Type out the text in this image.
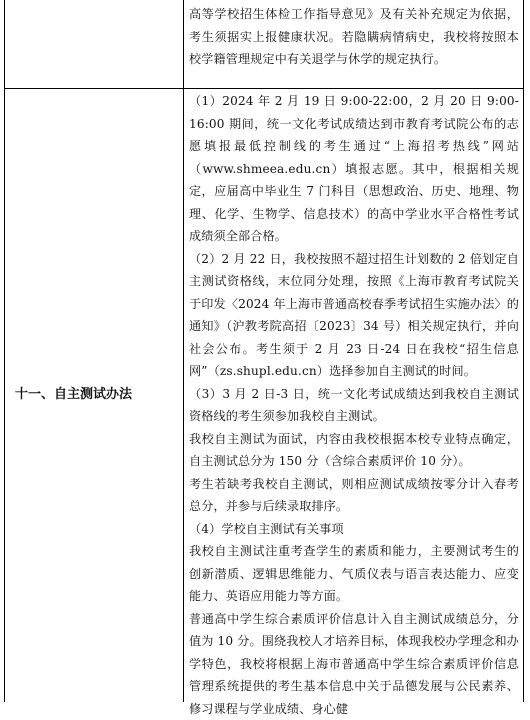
高等学校招生体检工作指导意见》及有关补充规定为依据，考生须据实上报健康状况。若隐瞒病情病史，我校将按照本校学籍管理规定中有关退学与休学的规定执行。

十一、自主测试办法

（1）2024 年 2 月 19 日 9:00-22:00，2 月 20 日 9:00-16:00 期间，统一文化考试成绩达到市教育考试院公布的志愿填报最低控制线的考生通过“上海招考热线”网站（www.shmeea.edu.cn）填报志愿。其中，根据相关规定，应届高中毕业生 7 门科目（思想政治、历史、地理、物理、化学、生物学、信息技术）的高中学业水平合格性考试成绩须全部合格。

（2）2 月 22 日，我校按照不超过招生计划数的 2 倍划定自主测试资格线，末位同分处理，按照《上海市教育考试院关于印发〈2024 年上海市普通高校春季考试招生实施办法〉的通知》（沪教考院高招〔2023〕34 号）相关规定执行，并向社会公布。考生须于 2 月 23 日-24 日在我校“招生信息网”（zs.shupl.edu.cn）选择参加自主测试的时间。

（3）3 月 2 日-3 日，统一文化考试成绩达到我校自主测试资格线的考生须参加我校自主测试。

我校自主测试为面试，内容由我校根据本校专业特点确定，自主测试总分为 150 分（含综合素质评价 10 分）。

考生若缺考我校自主测试，则相应测试成绩按零分计入春考总分，并参与后续录取排序。

（4）学校自主测试有关事项

我校自主测试注重考查学生的素质和能力，主要测试考生的创新潜质、逻辑思维能力、气质仪表与语言表达能力、应变能力、英语应用能力等方面。

普通高中学生综合素质评价信息计入自主测试成绩总分，分值为 10 分。围绕我校人才培养目标，体现我校办学理念和办学特色，我校将根据上海市普通高中学生综合素质评价信息管理系统提供的考生基本信息中关于品德发展与公民素养、修习课程与学业成绩、身心健
